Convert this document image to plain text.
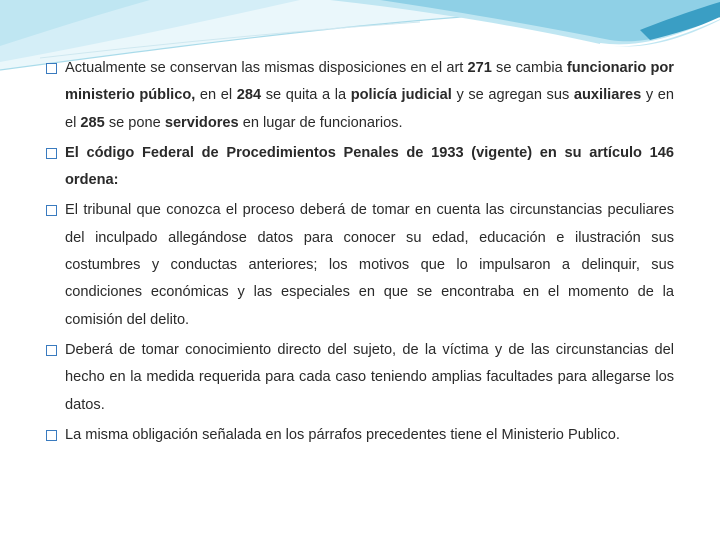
Actualmente se conservan las mismas disposiciones en el art 271 se cambia funcionario por ministerio público, en el 284 se quita a la policía judicial y se agregan sus auxiliares y en el 285 se pone servidores en lugar de funcionarios.
El código Federal de Procedimientos Penales de 1933 (vigente) en su artículo 146 ordena:
El tribunal que conozca el proceso deberá de tomar en cuenta las circunstancias peculiares del inculpado allegándose datos para conocer su edad, educación e ilustración sus costumbres y conductas anteriores; los motivos que lo impulsaron a delinquir, sus condiciones económicas y las especiales en que se encontraba en el momento de la comisión del delito.
Deberá de tomar conocimiento directo del sujeto, de la víctima y de las circunstancias del hecho en la medida requerida para cada caso teniendo amplias facultades para allegarse los datos.
La misma obligación señalada en los párrafos precedentes tiene el Ministerio Publico.
